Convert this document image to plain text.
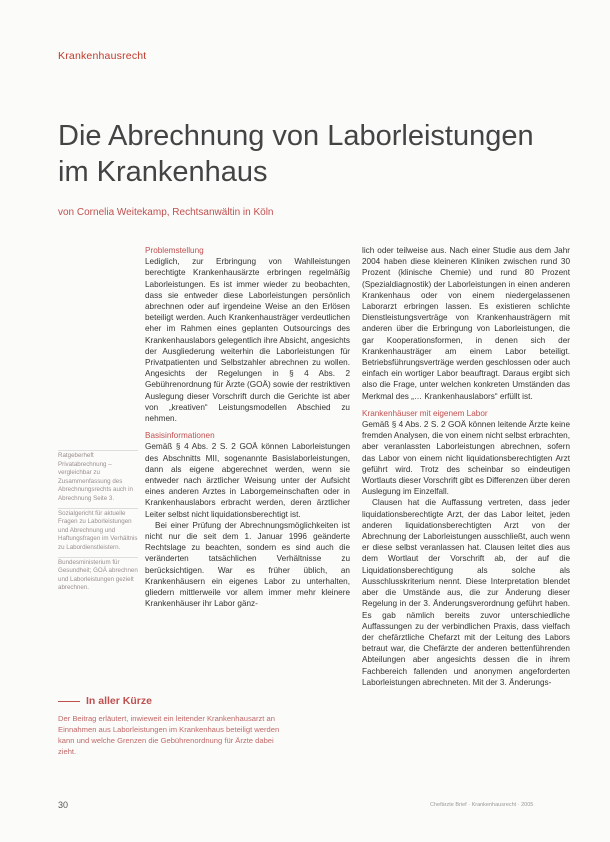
Krankenhausrecht
Die Abrechnung von Laborleistungen im Krankenhaus
von Cornelia Weitekamp, Rechtsanwältin in Köln

Problemstellung

Lediglich, zur Erbringung von Wahlleistungen berechtigte Krankenhausärzte erbringen regelmäßig Laborleistungen. Es ist immer wieder zu beobachten, dass sie entweder diese Laborleistungen persönlich abrechnen oder auf irgendeine Weise an den Erlösen beteiligt werden. Auch Krankenhausträger verdeutlichen eher im Rahmen eines geplanten Outsourcings des Krankenhauslabors gelegentlich ihre Absicht, angesichts der Ausgliederung weiterhin die Laborleistungen für Privatpatienten und Selbstzahler abrechnen zu wollen. Angesichts der Regelungen in § 4 Abs. 2 Gebührenordnung für Ärzte (GOÄ) sowie der restriktiven Auslegung dieser Vorschrift durch die Gerichte ist aber von „kreativen“ Leistungsmodellen Abschied zu nehmen.

Basisinformationen

Gemäß § 4 Abs. 2 S. 2 GOÄ können Laborleistungen des Abschnitts MII, sogenannte Basislaborleistungen, dann als eigene abgerechnet werden, wenn sie entweder nach ärztlicher Weisung unter der Aufsicht eines anderen Arztes in Laborgemeinschaften oder in Krankenhauslabors erbracht werden, deren ärztlicher Leiter selbst nicht liquidationsberechtigt ist.

Bei einer Prüfung der Abrechnungsmöglichkeiten ist nicht nur die seit dem 1. Januar 1996 geänderte Rechtslage zu beachten, sondern es sind auch die veränderten tatsächlichen Verhältnisse zu berücksichtigen. War es früher üblich, an Krankenhäusern ein eigenes Labor zu unterhalten, gliedern mittlerweile vor allem immer mehr kleinere Krankenhäuser ihr Labor gänz-

lich oder teilweise aus. Nach einer Studie aus dem Jahr 2004 haben diese kleineren Kliniken zwischen rund 30 Prozent (klinische Chemie) und rund 80 Prozent (Spezialdiagnostik) der Laborleistungen in einen anderen Krankenhaus oder von einem niedergelassenen Laborarzt erbringen lassen. Es existieren schlichte Dienstleistungsverträge von Krankenhausträgern mit anderen über die Erbringung von Laborleistungen, die gar Kooperationsformen, in denen sich der Krankenhausträger am einem Labor beteiligt. Betriebsführungsverträge werden geschlossen oder auch einfach ein wortiger Labor beauftragt. Daraus ergibt sich also die Frage, unter welchen konkreten Umständen das Merkmal des „… Krankenhauslabors“ erfüllt ist.

Krankenhäuser mit eigenem Labor

Gemäß § 4 Abs. 2 S. 2 GOÄ können leitende Ärzte keine fremden Analysen, die von einem nicht selbst erbrachten, aber veranlassten Laborleistungen abrechnen, sofern das Labor von einem nicht liquidationsberechtigten Arzt geführt wird. Trotz des scheinbar so eindeutigen Wortlauts dieser Vorschrift gibt es Differenzen über deren Auslegung im Einzelfall.

Clausen hat die Auffassung vertreten, dass jeder liquidationsberechtigte Arzt, der das Labor leitet, jeden anderen liquidationsberechtigten Arzt von der Abrechnung der Laborleistungen ausschließt, auch wenn er diese selbst veranlassen hat. Clausen leitet dies aus dem Wortlaut der Vorschrift ab, der auf die Liquidationsberechtigung als solche als Ausschlusskriterium nennt. Diese Interpretation blendet aber die Umstände aus, die zur Änderung dieser Regelung in der 3. Änderungsverordnung geführt haben. Es gab nämlich bereits zuvor unterschiedliche Auffassungen zu der verbindlichen Praxis, dass vielfach der chefärztliche Chefarzt mit der Leitung des Labors betraut war, die Chefärzte der anderen bettenführenden Abteilungen aber angesichts dessen die in ihrem Fachbereich fallenden und anonymen angeforderten Laborleistungen abrechneten. Mit der 3. Änderungs-

Ratgeberheft Privatabrechnung – vergleichbar zu Zusammenfassung des Abrechnungsrechts auch in Abrechnung Seite 3.
Sozialgericht für aktuelle Fragen zu Laborleistungen und Abrechnung und Haftungsfragen im Verhältnis zu Labordienstleistern.
Bundesministerium für Gesundheit; GOÄ abrechnen und Laborleistungen gezielt abrechnen.
In aller Kürze
Der Beitrag erläutert, inwieweit ein leitender Krankenhausarzt an Einnahmen aus Laborleistungen im Krankenhaus beteiligt werden kann und welche Grenzen die Gebührenordnung für Ärzte dabei zieht.
30	Chefärzte Brief · Krankenhausrecht · 2005
